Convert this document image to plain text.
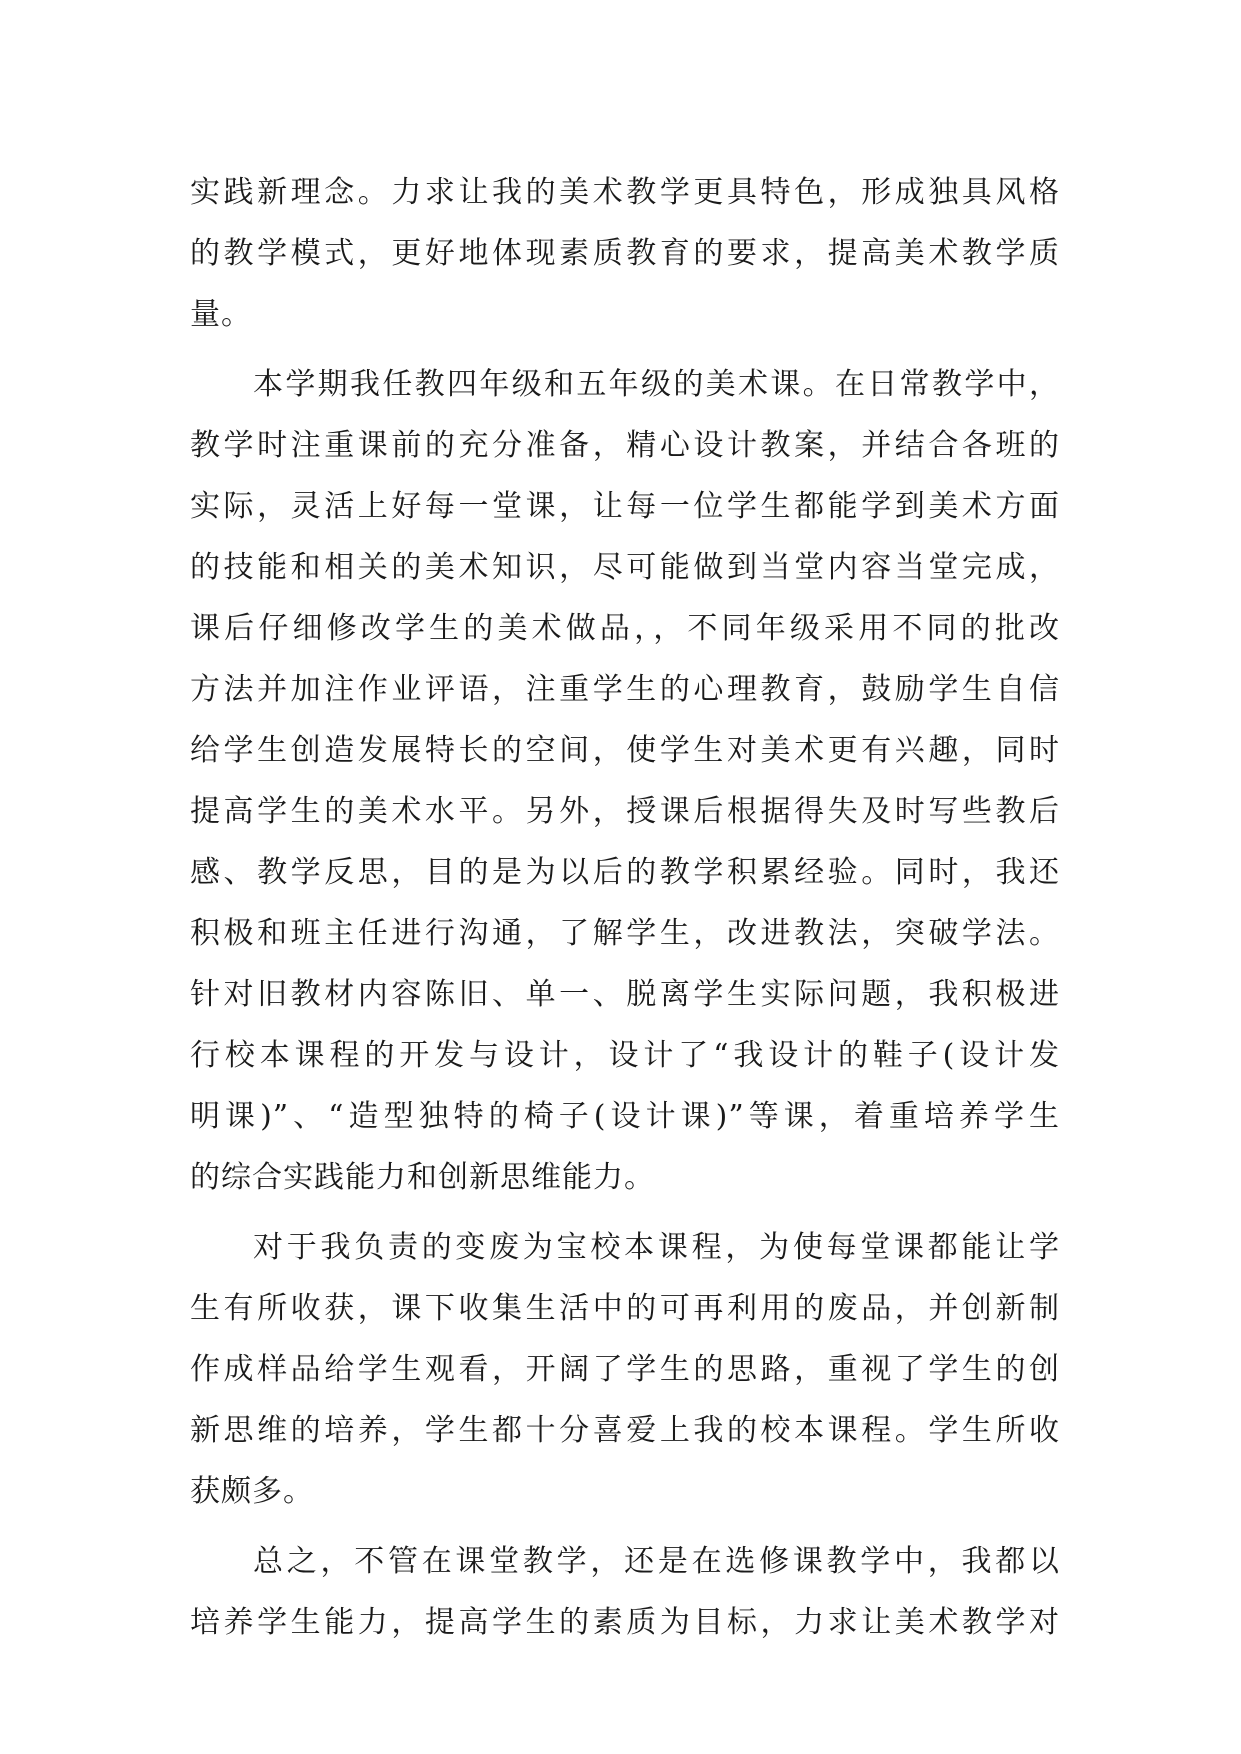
实践新理念。力求让我的美术教学更具特色，形成独具风格
的教学模式，更好地体现素质教育的要求，提高美术教学质
量。
本学期我任教四年级和五年级的美术课。在日常教学中，
教学时注重课前的充分准备，精心设计教案，并结合各班的
实际，灵活上好每一堂课，让每一位学生都能学到美术方面
的技能和相关的美术知识，尽可能做到当堂内容当堂完成，
课后仔细修改学生的美术做品，，不同年级采用不同的批改
方法并加注作业评语，注重学生的心理教育，鼓励学生自信
给学生创造发展特长的空间，使学生对美术更有兴趣，同时
提高学生的美术水平。另外，授课后根据得失及时写些教后
感、教学反思，目的是为以后的教学积累经验。同时，我还
积极和班主任进行沟通，了解学生，改进教法，突破学法。
针对旧教材内容陈旧、单一、脱离学生实际问题，我积极进
行校本课程的开发与设计，设计了“我设计的鞋子(设计发
明课)”、“造型独特的椅子(设计课)”等课，着重培养学生
的综合实践能力和创新思维能力。
对于我负责的变废为宝校本课程，为使每堂课都能让学
生有所收获，课下收集生活中的可再利用的废品，并创新制
作成样品给学生观看，开阔了学生的思路，重视了学生的创
新思维的培养，学生都十分喜爱上我的校本课程。学生所收
获颇多。
总之，不管在课堂教学，还是在选修课教学中，我都以
培养学生能力，提高学生的素质为目标，力求让美术教学对
